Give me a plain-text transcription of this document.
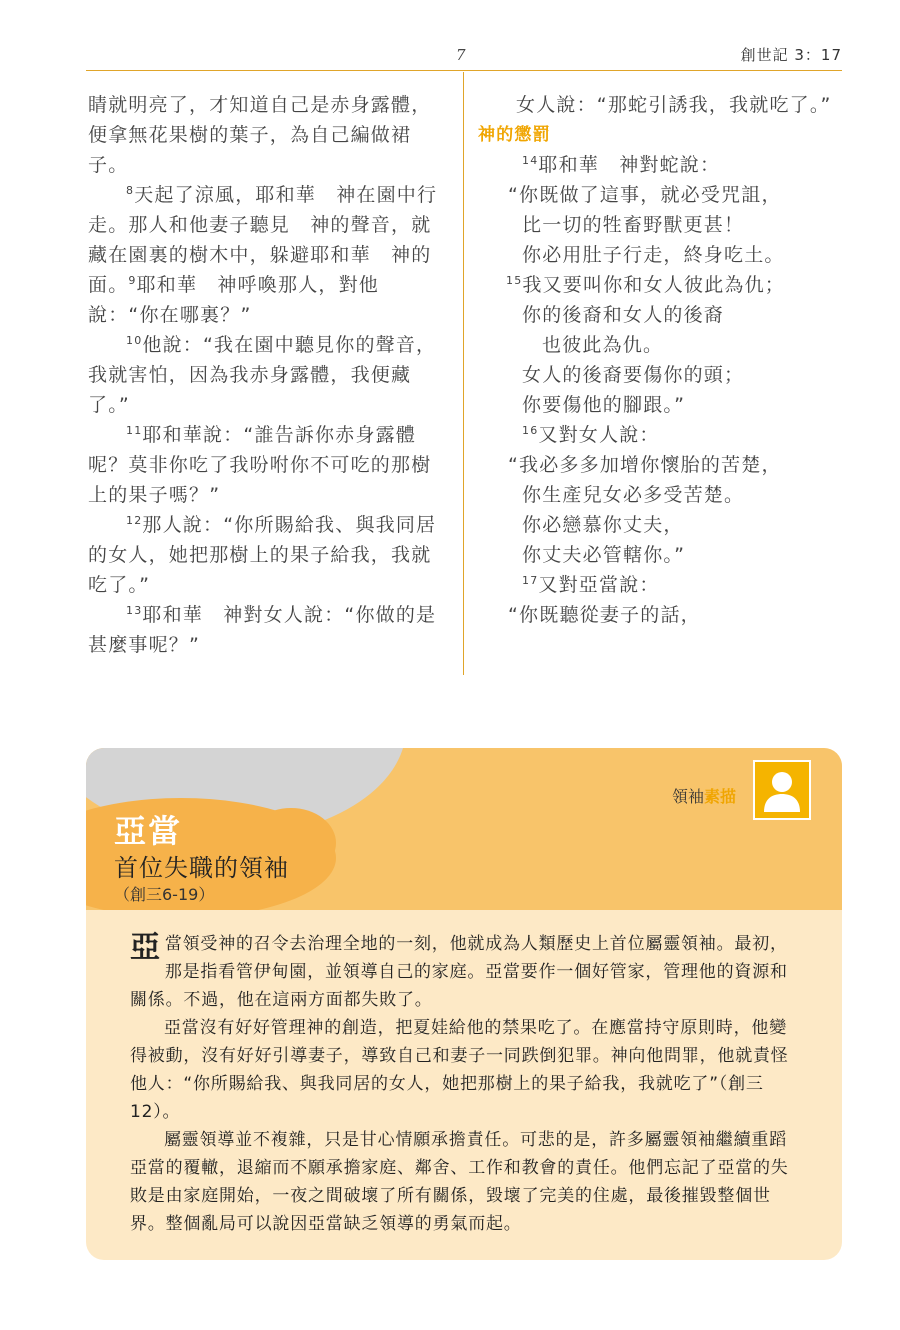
7	創世記 3：17

睛就明亮了，才知道自己是赤身露體，便拿無花果樹的葉子，為自己編做裙子。

$^8$天起了涼風，耶和華　神在園中行走。那人和他妻子聽見　神的聲音，就藏在園裏的樹木中，躲避耶和華　神的面。$^9$耶和華　神呼喚那人，對他說：“你在哪裏？”

$^{10}$他說：“我在園中聽見你的聲音，我就害怕，因為我赤身露體，我便藏了。”

$^{11}$耶和華說：“誰告訴你赤身露體呢？莫非你吃了我吩咐你不可吃的那樹上的果子嗎？”

$^{12}$那人說：“你所賜給我、與我同居的女人，她把那樹上的果子給我，我就吃了。”

$^{13}$耶和華　神對女人說：“你做的是甚麼事呢？”

女人說：“那蛇引誘我，我就吃了。”

神的懲罰

$^{14}$耶和華　神對蛇說：

“你既做了這事，就必受咒詛，

比一切的牲畜野獸更甚！

你必用肚子行走，終身吃土。

$^{15}$我又要叫你和女人彼此為仇；

你的後裔和女人的後裔

也彼此為仇。

女人的後裔要傷你的頭；

你要傷他的腳跟。”

$^{16}$又對女人說：

“我必多多加增你懷胎的苦楚，

你生產兒女必多受苦楚。

你必戀慕你丈夫，

你丈夫必管轄你。”

$^{17}$又對亞當說：

“你既聽從妻子的話，

亞當
首位失職的領袖
（創三6-19）
領袖素描

亞當領受神的召令去治理全地的一刻，他就成為人類歷史上首位屬靈領袖。最初，那是指看管伊甸園，並領導自己的家庭。亞當要作一個好管家，管理他的資源和關係。不過，他在這兩方面都失敗了。

亞當沒有好好管理神的創造，把夏娃給他的禁果吃了。在應當持守原則時，他變得被動，沒有好好引導妻子，導致自己和妻子一同跌倒犯罪。神向他問罪，他就責怪他人：“你所賜給我、與我同居的女人，她把那樹上的果子給我，我就吃了”（創三12）。

屬靈領導並不複雜，只是甘心情願承擔責任。可悲的是，許多屬靈領袖繼續重蹈亞當的覆轍，退縮而不願承擔家庭、鄰舍、工作和教會的責任。他們忘記了亞當的失敗是由家庭開始，一夜之間破壞了所有關係，毀壞了完美的住處，最後摧毀整個世界。整個亂局可以說因亞當缺乏領導的勇氣而起。
